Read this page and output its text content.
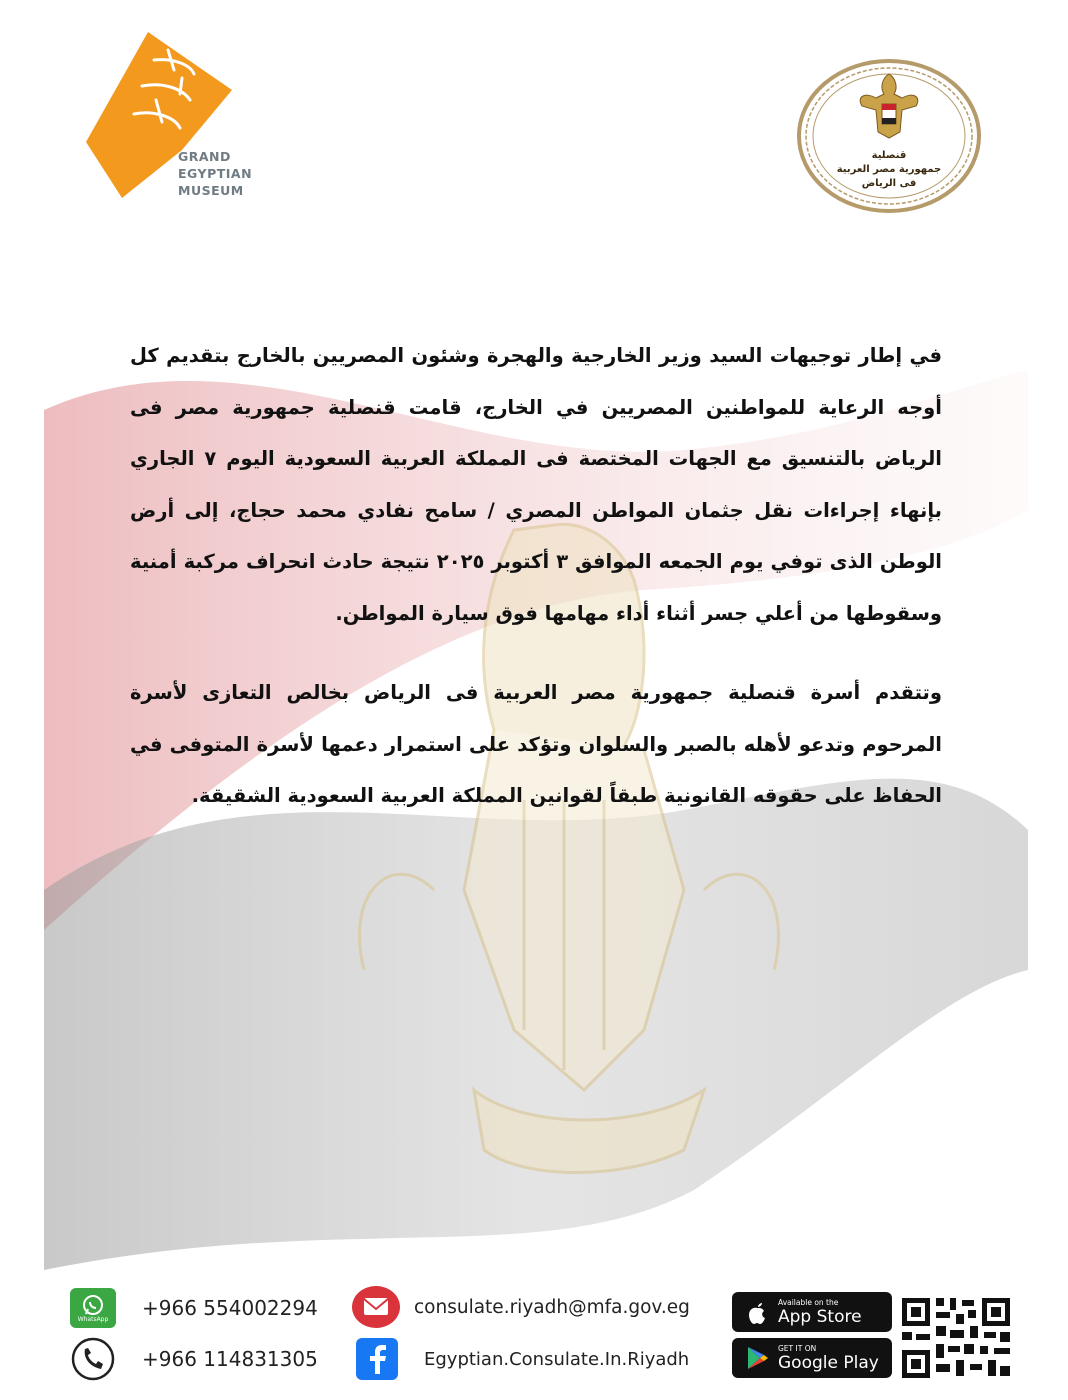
GRAND
EGYPTIAN
MUSEUM
قنصلية
جمهورية مصر العربية
فى الرياض

في إطار توجيهات السيد وزير الخارجية والهجرة وشئون المصريين بالخارج بتقديم كل أوجه الرعاية للمواطنين المصريين في الخارج، قامت قنصلية جمهورية مصر فى الرياض بالتنسيق مع الجهات المختصة فى المملكة العربية السعودية اليوم ٧ الجاري بإنهاء إجراءات نقل جثمان المواطن المصري / سامح نفادي محمد حجاج، إلى أرض الوطن الذى توفي يوم الجمعه الموافق ٣ أكتوبر ٢٠٢٥ نتيجة حادث انحراف مركبة أمنية وسقوطها من أعلي جسر أثناء أداء مهامها فوق سيارة المواطن.

وتتقدم أسرة قنصلية جمهورية مصر العربية فى الرياض بخالص التعازى لأسرة المرحوم وتدعو لأهله بالصبر والسلوان وتؤكد على استمرار دعمها لأسرة المتوفى في الحفاظ على حقوقه القانونية طبقاً لقوانين المملكة العربية السعودية الشقيقة.

WhatsApp +966 554002294
+966 114831305
consulate.riyadh@mfa.gov.eg
Egyptian.Consulate.In.Riyadh
Available on the
App Store
GET IT ON
Google Play
